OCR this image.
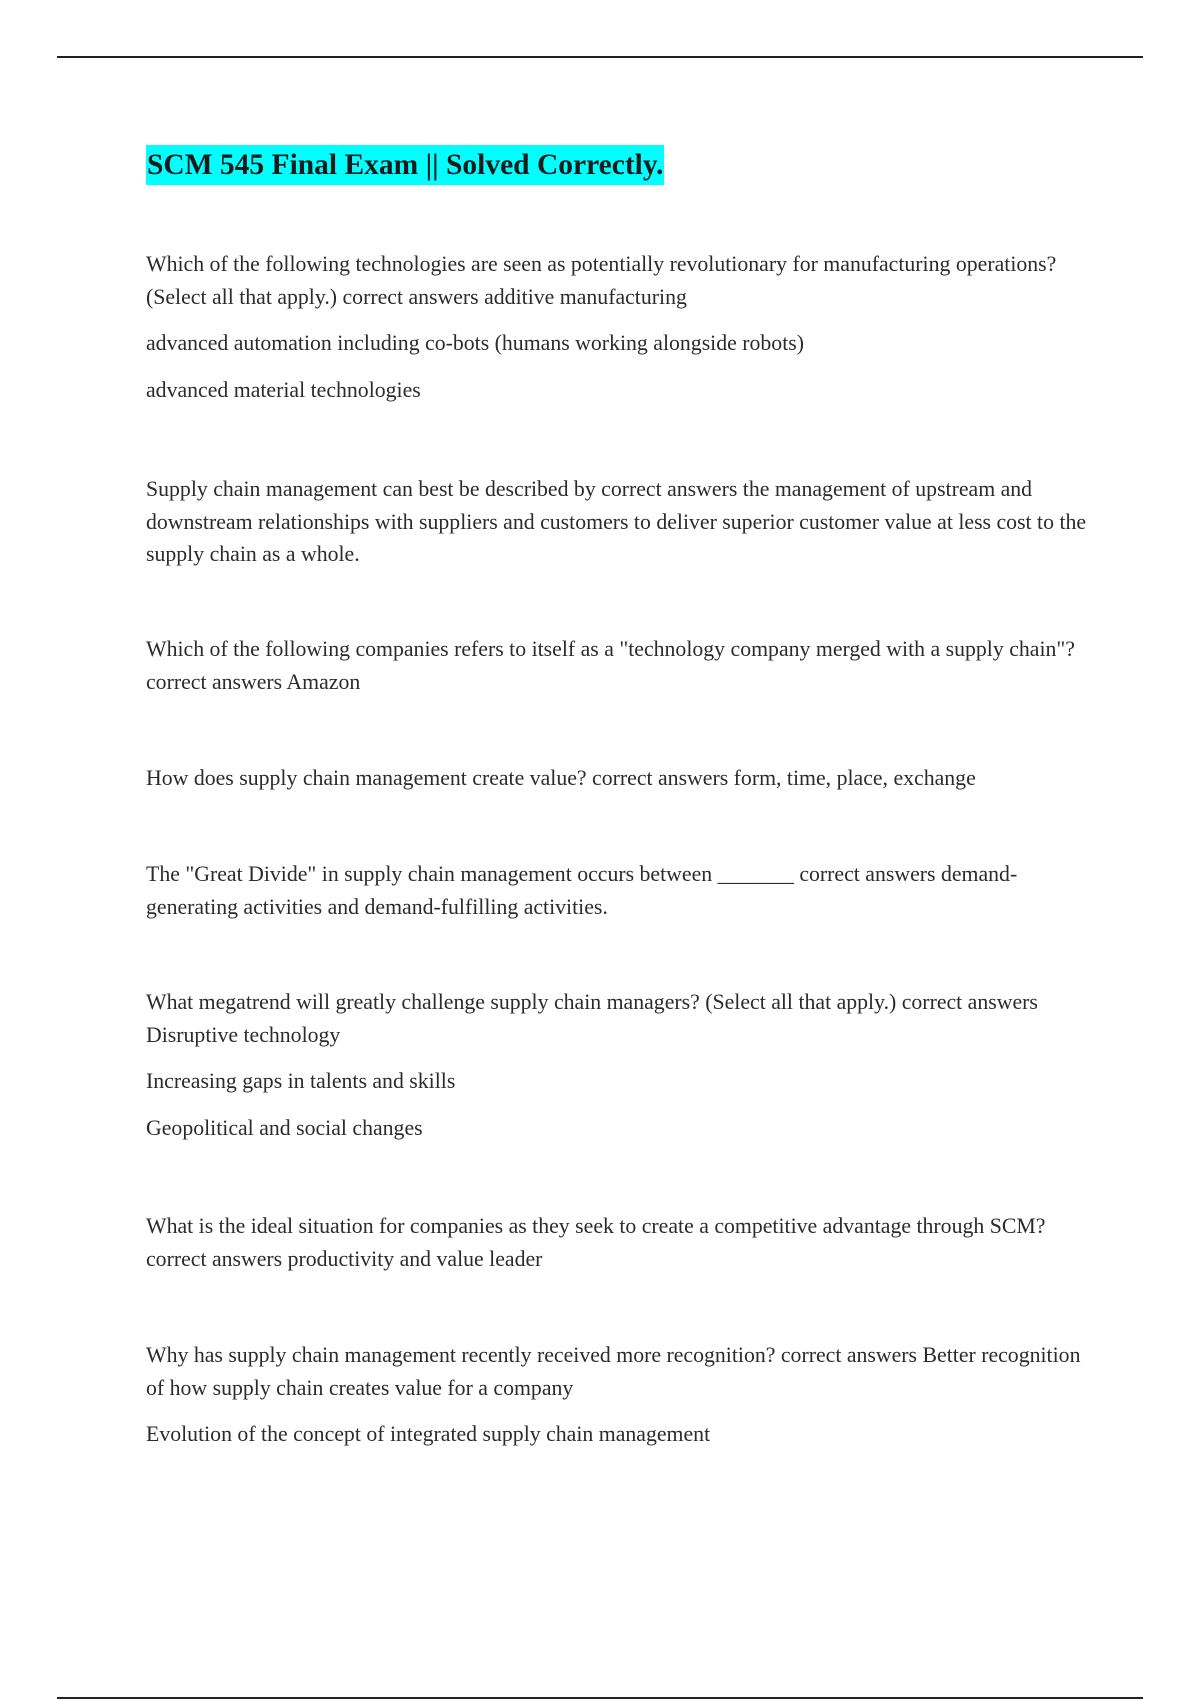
SCM 545 Final Exam || Solved Correctly.

Which of the following technologies are seen as potentially revolutionary for manufacturing operations? (Select all that apply.) correct answers additive manufacturing

advanced automation including co-bots (humans working alongside robots)

advanced material technologies

Supply chain management can best be described by correct answers the management of upstream and downstream relationships with suppliers and customers to deliver superior customer value at less cost to the supply chain as a whole.

Which of the following companies refers to itself as a "technology company merged with a supply chain"? correct answers Amazon

How does supply chain management create value? correct answers form, time, place, exchange

The "Great Divide" in supply chain management occurs between _______ correct answers demand-generating activities and demand-fulfilling activities.

What megatrend will greatly challenge supply chain managers? (Select all that apply.) correct answers Disruptive technology

Increasing gaps in talents and skills

Geopolitical and social changes

What is the ideal situation for companies as they seek to create a competitive advantage through SCM? correct answers productivity and value leader

Why has supply chain management recently received more recognition? correct answers Better recognition of how supply chain creates value for a company

Evolution of the concept of integrated supply chain management
